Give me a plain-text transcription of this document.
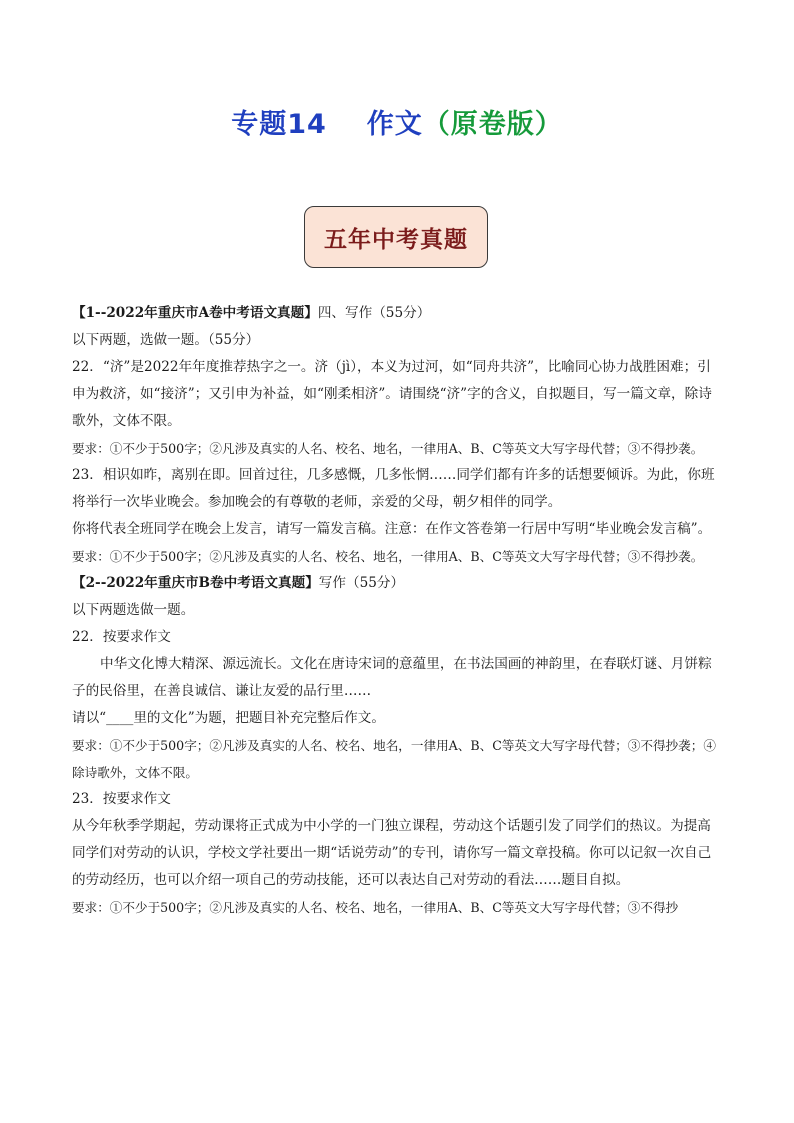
专题14 作文（原卷版）
五年中考真题

【1--2022年重庆市A卷中考语文真题】四、写作（55分）

以下两题，选做一题。（55分）

22．“济”是2022年年度推荐热字之一。济（jì），本义为过河，如“同舟共济”，比喻同心协力战胜困难；引申为救济，如“接济”；又引申为补益，如“刚柔相济”。请围绕“济”字的含义，自拟题目，写一篇文章，除诗歌外，文体不限。

要求：①不少于500字；②凡涉及真实的人名、校名、地名，一律用A、B、C等英文大写字母代替；③不得抄袭。

23．相识如昨，离别在即。回首过往，几多感慨，几多怅惘……同学们都有许多的话想要倾诉。为此，你班将举行一次毕业晚会。参加晚会的有尊敬的老师，亲爱的父母，朝夕相伴的同学。

你将代表全班同学在晚会上发言，请写一篇发言稿。注意：在作文答卷第一行居中写明“毕业晚会发言稿”。

要求：①不少于500字；②凡涉及真实的人名、校名、地名，一律用A、B、C等英文大写字母代替；③不得抄袭。

【2--2022年重庆市B卷中考语文真题】写作（55分）

以下两题选做一题。

22．按要求作文

中华文化博大精深、源远流长。文化在唐诗宋词的意蕴里，在书法国画的神韵里，在春联灯谜、月饼粽子的民俗里，在善良诚信、谦让友爱的品行里……

请以“____里的文化”为题，把题目补充完整后作文。

要求：①不少于500字；②凡涉及真实的人名、校名、地名，一律用A、B、C等英文大写字母代替；③不得抄袭；④除诗歌外，文体不限。

23．按要求作文

从今年秋季学期起，劳动课将正式成为中小学的一门独立课程，劳动这个话题引发了同学们的热议。为提高同学们对劳动的认识，学校文学社要出一期“话说劳动”的专刊，请你写一篇文章投稿。你可以记叙一次自己的劳动经历，也可以介绍一项自己的劳动技能，还可以表达自己对劳动的看法……题目自拟。

要求：①不少于500字；②凡涉及真实的人名、校名、地名，一律用A、B、C等英文大写字母代替；③不得抄
